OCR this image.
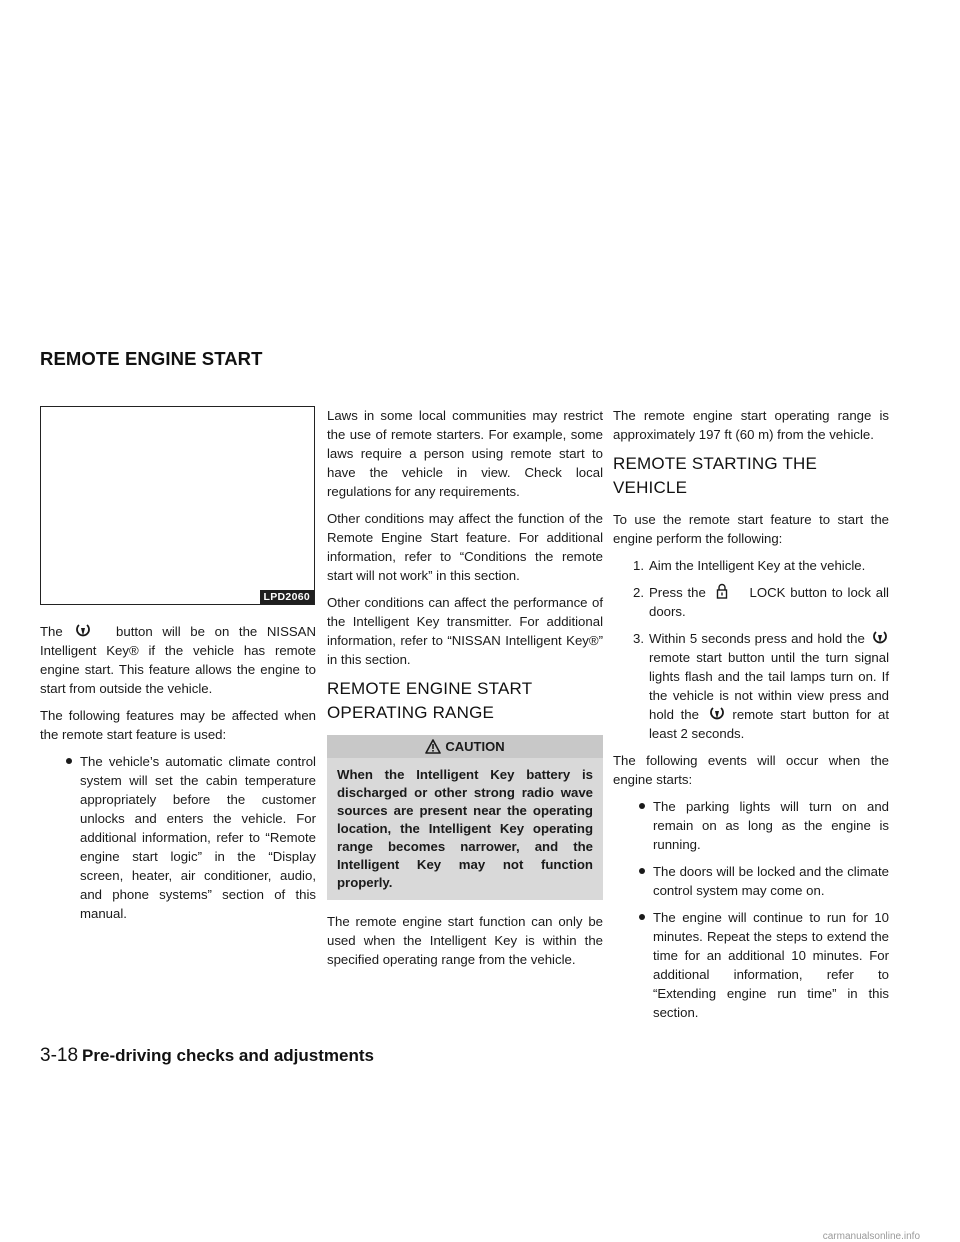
REMOTE ENGINE START
LPD2060

The	button will be on the NISSAN Intelligent Key® if the vehicle has remote engine start. This feature allows the engine to start from outside the vehicle.

The following features may be affected when the remote start feature is used:

The vehicle’s automatic climate control system will set the cabin temperature appropriately before the customer unlocks and enters the vehicle. For additional information, refer to “Remote engine start logic” in the “Display screen, heater, air conditioner, audio, and phone systems” section of this manual.

Laws in some local communities may restrict the use of remote starters. For example, some laws require a person using remote start to have the vehicle in view. Check local regulations for any requirements.

Other conditions may affect the function of the Remote Engine Start feature. For additional information, refer to “Conditions the remote start will not work” in this section.

Other conditions can affect the performance of the Intelligent Key transmitter. For additional information, refer to “NISSAN Intelligent Key®” in this section.

REMOTE ENGINE START OPERATING RANGE
CAUTION
When the Intelligent Key battery is discharged or other strong radio wave sources are present near the operating location, the Intelligent Key operating range becomes narrower, and the Intelligent Key may not function properly.

The remote engine start function can only be used when the Intelligent Key is within the specified operating range from the vehicle.

The remote engine start operating range is approximately 197 ft (60 m) from the vehicle.

REMOTE STARTING THE VEHICLE

To use the remote start feature to start the engine perform the following:

1. Aim the Intelligent Key at the vehicle.
2. Press the	LOCK button to lock all doors.
3. Within 5 seconds press and hold the  remote start button until the turn signal lights flash and the tail lamps turn on. If the vehicle is not within view press and hold the	remote start button for at least 2 seconds.

The following events will occur when the engine starts:

The parking lights will turn on and remain on as long as the engine is running.
The doors will be locked and the climate control system may come on.
The engine will continue to run for 10 minutes. Repeat the steps to extend the time for an additional 10 minutes. For additional information, refer to “Extending engine run time” in this section.
3-18 Pre-driving checks and adjustments
carmanualsonline.info
